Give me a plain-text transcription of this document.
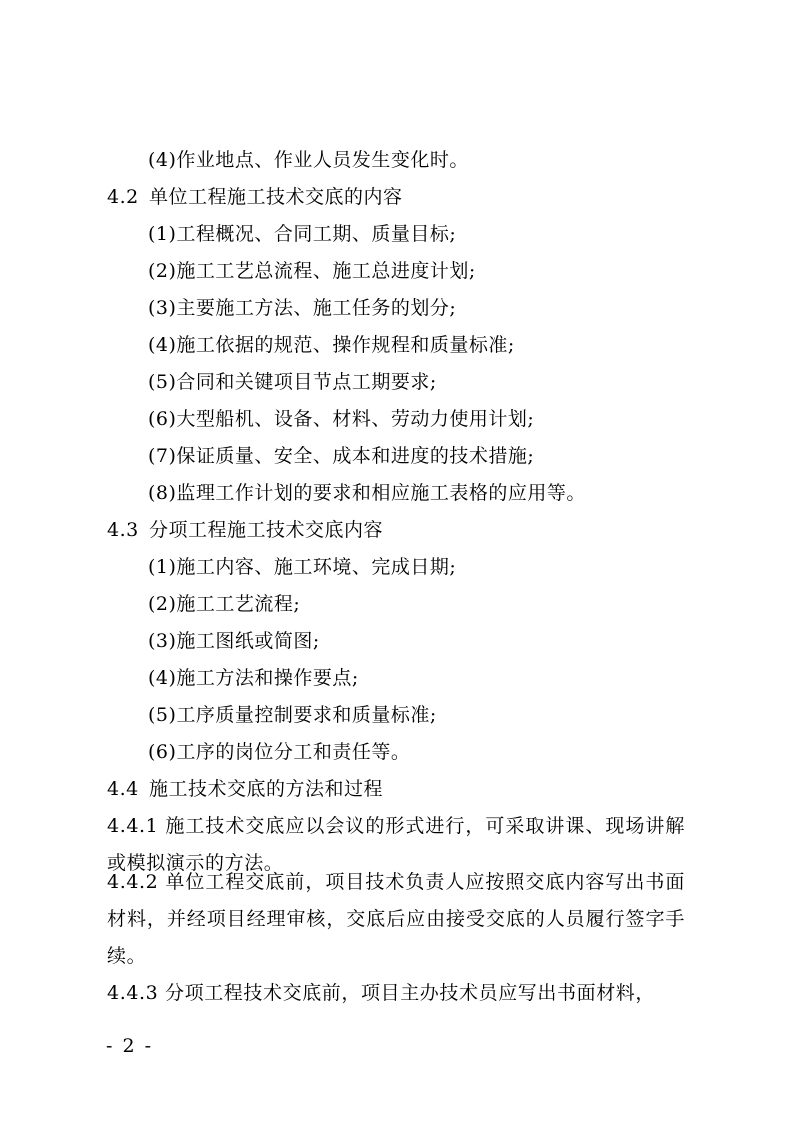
(4)作业地点、作业人员发生变化时。
4.2 单位工程施工技术交底的内容
(1)工程概况、合同工期、质量目标;
(2)施工工艺总流程、施工总进度计划;
(3)主要施工方法、施工任务的划分;
(4)施工依据的规范、操作规程和质量标准;
(5)合同和关键项目节点工期要求;
(6)大型船机、设备、材料、劳动力使用计划;
(7)保证质量、安全、成本和进度的技术措施;
(8)监理工作计划的要求和相应施工表格的应用等。
4.3 分项工程施工技术交底内容
(1)施工内容、施工环境、完成日期;
(2)施工工艺流程;
(3)施工图纸或简图;
(4)施工方法和操作要点;
(5)工序质量控制要求和质量标准;
(6)工序的岗位分工和责任等。
4.4 施工技术交底的方法和过程
4.4.1 施工技术交底应以会议的形式进行，可采取讲课、现场讲解或模拟演示的方法。
4.4.2 单位工程交底前，项目技术负责人应按照交底内容写出书面材料，并经项目经理审核，交底后应由接受交底的人员履行签字手续。
4.4.3 分项工程技术交底前，项目主办技术员应写出书面材料，
- 2 -
